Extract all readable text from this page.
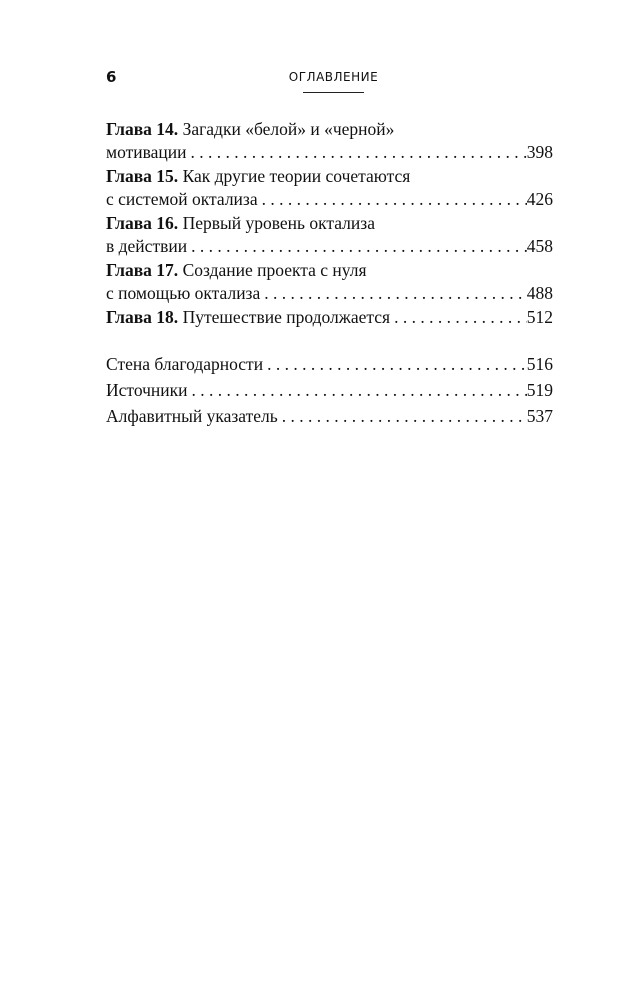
6	ОГЛАВЛЕНИЕ
Глава 14.
Загадки «белой» и «черной»
мотивации . . .	398
Глава 15.
Как другие теории сочетаются
с системой октализа . . .	426
Глава 16.
Первый уровень октализа
в действии . . .	458
Глава 17.
Создание проекта с нуля
с помощью октализа . . .	488
Глава 18.
Путешествие продолжается . . .	512
Стена благодарности . . .	516
Источники . . .	519
Алфавитный указатель . . .	537
